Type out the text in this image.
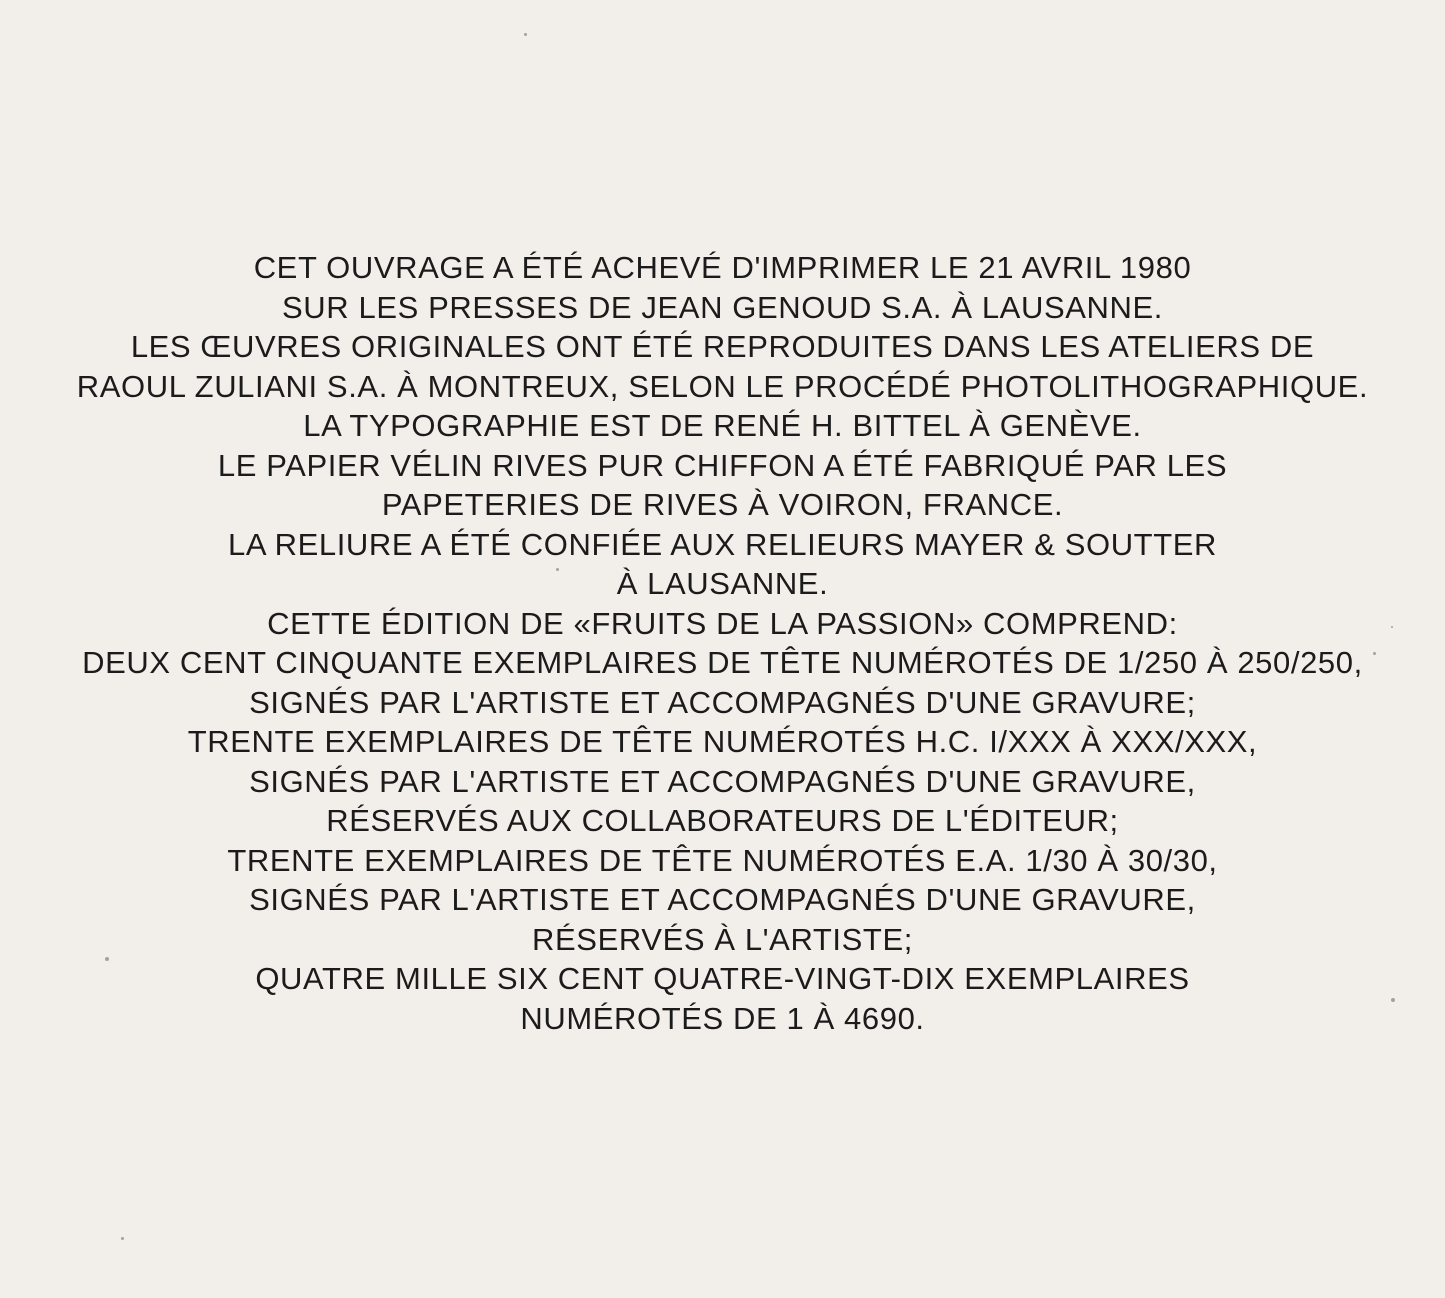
CET OUVRAGE A ÉTÉ ACHEVÉ D'IMPRIMER LE 21 AVRIL 1980
SUR LES PRESSES DE JEAN GENOUD S.A. À LAUSANNE.
LES ŒUVRES ORIGINALES ONT ÉTÉ REPRODUITES DANS LES ATELIERS DE
RAOUL ZULIANI S.A. À MONTREUX, SELON LE PROCÉDÉ PHOTOLITHOGRAPHIQUE.
LA TYPOGRAPHIE EST DE RENÉ H. BITTEL À GENÈVE.
LE PAPIER VÉLIN RIVES PUR CHIFFON A ÉTÉ FABRIQUÉ PAR LES
PAPETERIES DE RIVES À VOIRON, FRANCE.
LA RELIURE A ÉTÉ CONFIÉE AUX RELIEURS MAYER & SOUTTER
À LAUSANNE.
CETTE ÉDITION DE «FRUITS DE LA PASSION» COMPREND:
DEUX CENT CINQUANTE EXEMPLAIRES DE TÊTE NUMÉROTÉS DE 1/250 À 250/250,
SIGNÉS PAR L'ARTISTE ET ACCOMPAGNÉS D'UNE GRAVURE;
TRENTE EXEMPLAIRES DE TÊTE NUMÉROTÉS H.C. I/XXX À XXX/XXX,
SIGNÉS PAR L'ARTISTE ET ACCOMPAGNÉS D'UNE GRAVURE,
RÉSERVÉS AUX COLLABORATEURS DE L'ÉDITEUR;
TRENTE EXEMPLAIRES DE TÊTE NUMÉROTÉS E.A. 1/30 À 30/30,
SIGNÉS PAR L'ARTISTE ET ACCOMPAGNÉS D'UNE GRAVURE,
RÉSERVÉS À L'ARTISTE;
QUATRE MILLE SIX CENT QUATRE-VINGT-DIX EXEMPLAIRES
NUMÉROTÉS DE 1 À 4690.
